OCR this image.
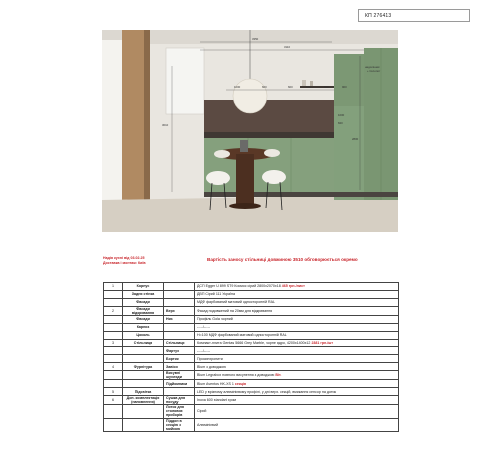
КП 276413
3350
3110
3010
1000	600	600	640	600	900
2800
1000
840
надолішеві
+ Склопит
Надія кухні від 03.02.25
Доставка і монтаж: Київ
Вартість заносу стільниці довжиною 3510 обговорюється окремо
1	Корпус		ДСП Egger U 899 ST9 Космос сірий 2800x2070x18 465 грн./лист
	Задня стінка		ДВП Сірий 111 Україна
	Фасади		МДФ фарбований матовий односторонній RAL
2	Фасади відкривання	Верх	Фасад подовжений на 20мм для відкривання
	Фасади	Низ	Профіль Gola чорний
	Карниз		-----/-----
	Цоколь		Н=100 МДФ фарбований матовий односторонній RAL
3	Стільниця	Стільниця	Компакт-плита Gentas 5666 Grey Marble, чорне ядро, 4200x1400x12 2381 грн./шт
		Фартух	-----/-----
		Бортик	Просинхронити
4	Фурнітура	Завіси	Blum з доводжою
		Висувні шухляди	Blum Legrabox повного висунення з доводжою Віт.
		Підйомники	Blum Aventos HK-XS 1 секція
5	Підсвітка		LED у врізному алюмінієвому профілі, у дні верх. секцій, вмикання сенсор на дотик
6	Доп. комплектація (наповнення)	Сушка для посуду	Inoxa 600 standart хром
		Лоток для столових приборів	Сірий
		Піддон в секцію з мийкою	Алюмінієвий
